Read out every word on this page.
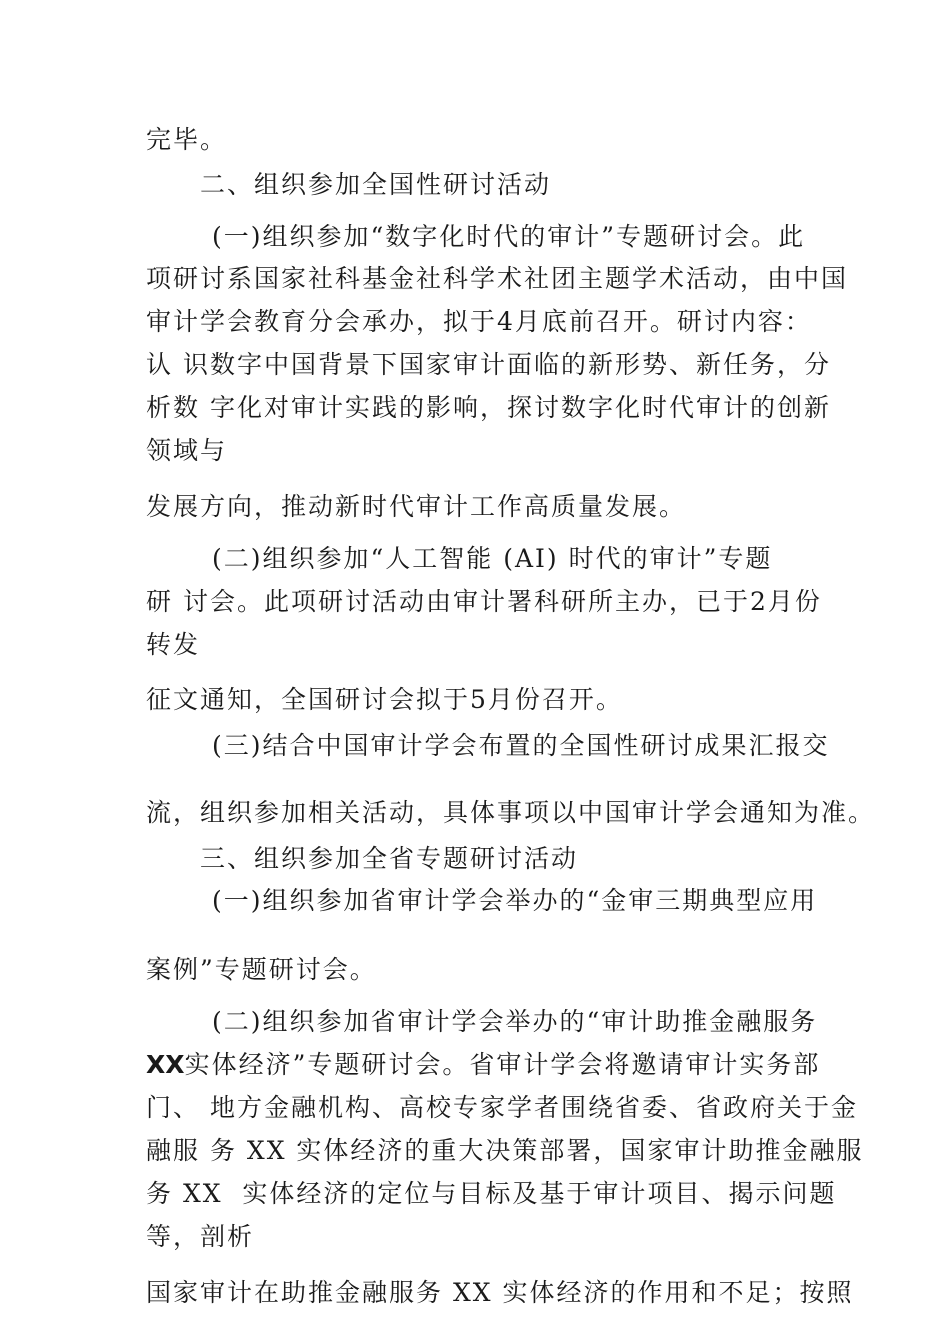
完毕。
二、组织参加全国性研讨活动
(一)组织参加“数字化时代的审计”专题研讨会。此
项研讨系国家社科基金社科学术社团主题学术活动，由中国
审计学会教育分会承办，拟于4月底前召开。研讨内容：
认 识数字中国背景下国家审计面临的新形势、新任务，分
析数 字化对审计实践的影响，探讨数字化时代审计的创新
领域与
发展方向，推动新时代审计工作高质量发展。
(二)组织参加“人工智能 (AI) 时代的审计”专题
研 讨会。此项研讨活动由审计署科研所主办，已于2月份
转发
征文通知，全国研讨会拟于5月份召开。
(三)结合中国审计学会布置的全国性研讨成果汇报交
流，组织参加相关活动，具体事项以中国审计学会通知为准。
三、组织参加全省专题研讨活动
(一)组织参加省审计学会举办的“金审三期典型应用
案例”专题研讨会。
(二)组织参加省审计学会举办的“审计助推金融服务
XX实体经济”专题研讨会。省审计学会将邀请审计实务部
门、 地方金融机构、高校专家学者围绕省委、省政府关于金
融服 务 XX 实体经济的重大决策部署，国家审计助推金融服
务 XX  实体经济的定位与目标及基于审计项目、揭示问题
等，剖析
国家审计在助推金融服务 XX 实体经济的作用和不足；按照
